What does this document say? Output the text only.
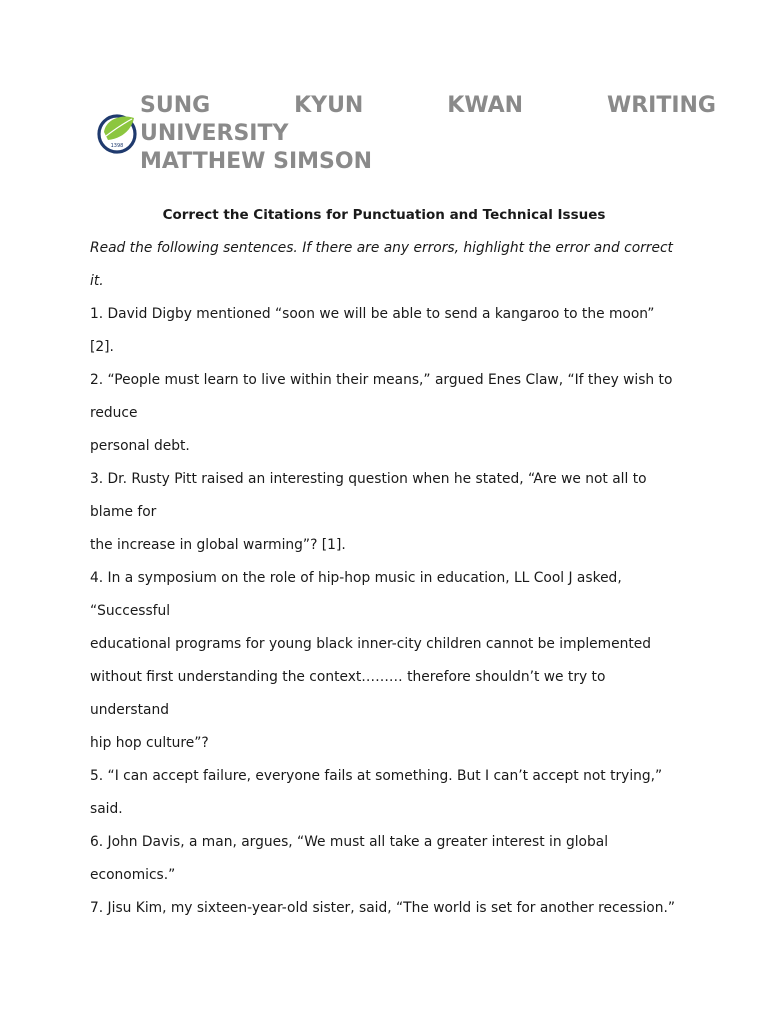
1398
SUNG	KYUN	KWAN	WRITING
UNIVERSITY
MATTHEW SIMSON
Correct the Citations for Punctuation and Technical Issues
Read the following sentences. If there are any errors, highlight the error and correct
it.
1. David Digby mentioned “soon we will be able to send a kangaroo to the moon”
[2].
2. “People must learn to live within their means,” argued Enes Claw, “If they wish to
reduce
personal debt.
3. Dr. Rusty Pitt raised an interesting question when he stated, “Are we not all to
blame for
the increase in global warming”? [1].
4. In a symposium on the role of hip-hop music in education, LL Cool J asked,
“Successful
educational programs for young black inner-city children cannot be implemented
without first understanding the context……… therefore shouldn’t we try to
understand
hip hop culture”?
5. “I can accept failure, everyone fails at something. But I can’t accept not trying,”
said.
6. John Davis, a man, argues, “We must all take a greater interest in global
economics.”
7. Jisu Kim, my sixteen-year-old sister, said, “The world is set for another recession.”
